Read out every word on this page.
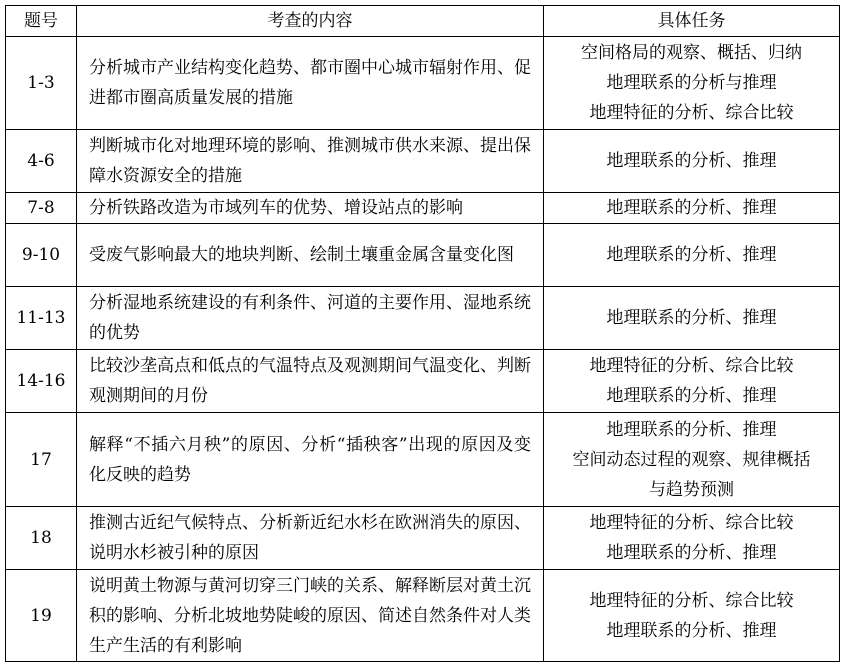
题号	考查的内容	具体任务
1-3	分析城市产业结构变化趋势、都市圈中心城市辐射作用、促进都市圈高质量发展的措施	空间格局的观察、概括、归纳
地理联系的分析与推理
地理特征的分析、综合比较

4-6	判断城市化对地理环境的影响、推测城市供水来源、提出保障水资源安全的措施	地理联系的分析、推理

7-8	分析铁路改造为市域列车的优势、增设站点的影响	地理联系的分析、推理

9-10	受废气影响最大的地块判断、绘制土壤重金属含量变化图	地理联系的分析、推理

11-13	分析湿地系统建设的有利条件、河道的主要作用、湿地系统的优势	地理联系的分析、推理

14-16	比较沙垄高点和低点的气温特点及观测期间气温变化、判断观测期间的月份	地理特征的分析、综合比较
地理联系的分析、推理

17	解释“不插六月秧”的原因、分析“插秧客”出现的原因及变化反映的趋势	地理联系的分析、推理
空间动态过程的观察、规律概括
与趋势预测

18	推测古近纪气候特点、分析新近纪水杉在欧洲消失的原因、说明水杉被引种的原因	地理特征的分析、综合比较
地理联系的分析、推理

19	说明黄土物源与黄河切穿三门峡的关系、解释断层对黄土沉积的影响、分析北坡地势陡峻的原因、简述自然条件对人类生产生活的有利影响	地理特征的分析、综合比较
地理联系的分析、推理
